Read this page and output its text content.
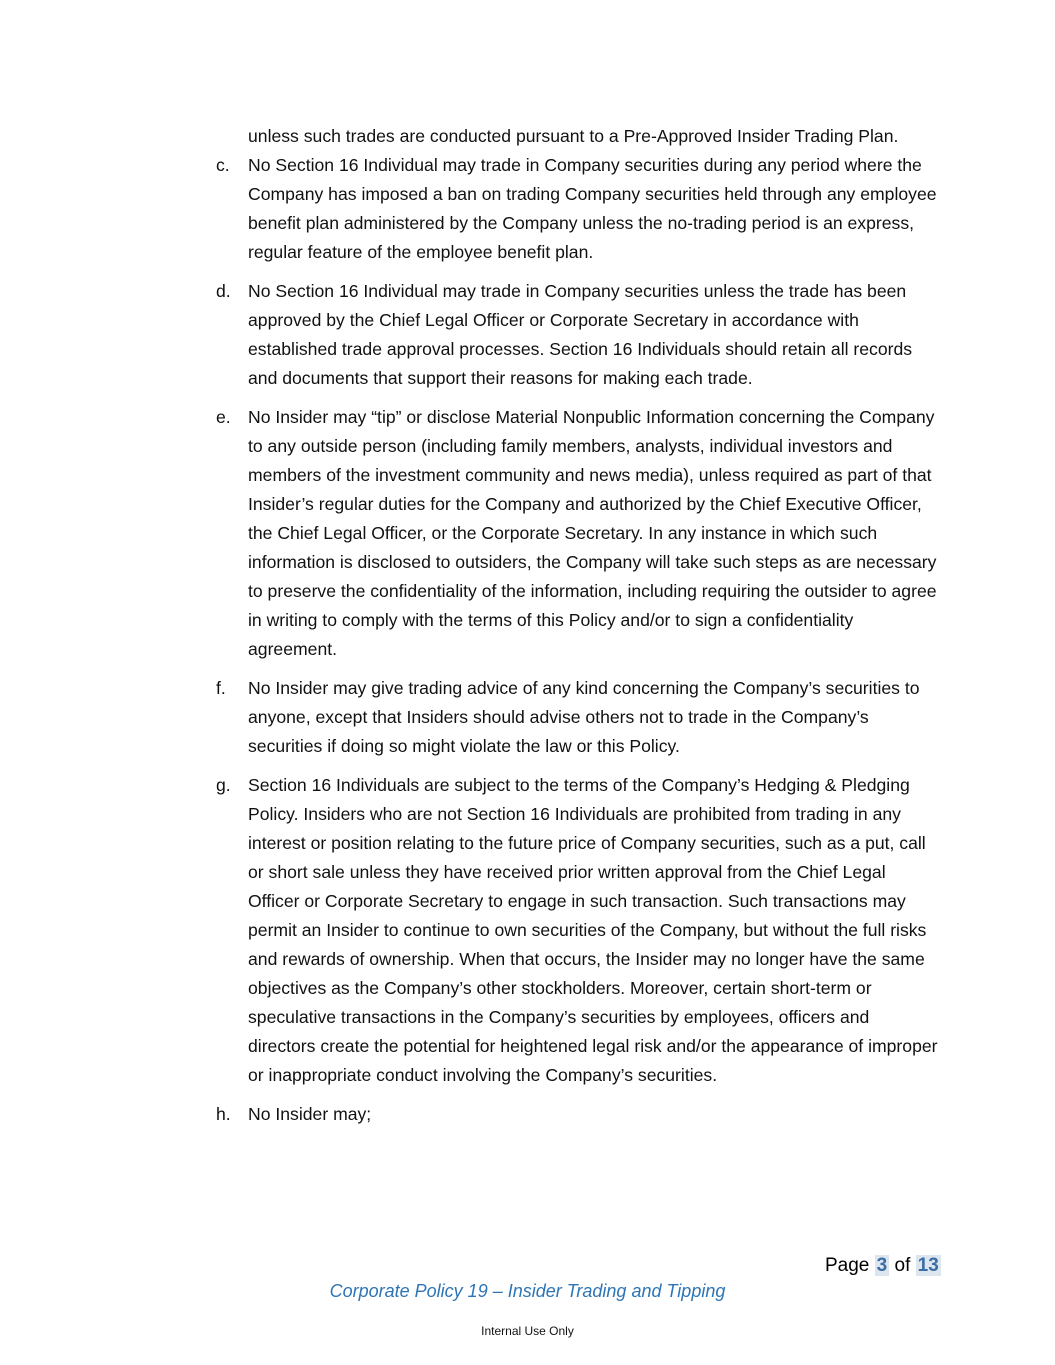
unless such trades are conducted pursuant to a Pre-Approved Insider Trading Plan.
c. No Section 16 Individual may trade in Company securities during any period where the Company has imposed a ban on trading Company securities held through any employee benefit plan administered by the Company unless the no-trading period is an express, regular feature of the employee benefit plan.
d. No Section 16 Individual may trade in Company securities unless the trade has been approved by the Chief Legal Officer or Corporate Secretary in accordance with established trade approval processes. Section 16 Individuals should retain all records and documents that support their reasons for making each trade.
e. No Insider may “tip” or disclose Material Nonpublic Information concerning the Company to any outside person (including family members, analysts, individual investors and members of the investment community and news media), unless required as part of that Insider’s regular duties for the Company and authorized by the Chief Executive Officer, the Chief Legal Officer, or the Corporate Secretary. In any instance in which such information is disclosed to outsiders, the Company will take such steps as are necessary to preserve the confidentiality of the information, including requiring the outsider to agree in writing to comply with the terms of this Policy and/or to sign a confidentiality agreement.
f. No Insider may give trading advice of any kind concerning the Company’s securities to anyone, except that Insiders should advise others not to trade in the Company’s securities if doing so might violate the law or this Policy.
g. Section 16 Individuals are subject to the terms of the Company’s Hedging & Pledging Policy. Insiders who are not Section 16 Individuals are prohibited from trading in any interest or position relating to the future price of Company securities, such as a put, call or short sale unless they have received prior written approval from the Chief Legal Officer or Corporate Secretary to engage in such transaction. Such transactions may permit an Insider to continue to own securities of the Company, but without the full risks and rewards of ownership. When that occurs, the Insider may no longer have the same objectives as the Company’s other stockholders. Moreover, certain short-term or speculative transactions in the Company’s securities by employees, officers and directors create the potential for heightened legal risk and/or the appearance of improper or inappropriate conduct involving the Company’s securities.
h. No Insider may;
Page 3 of 13
Corporate Policy 19 – Insider Trading and Tipping
Internal Use Only
